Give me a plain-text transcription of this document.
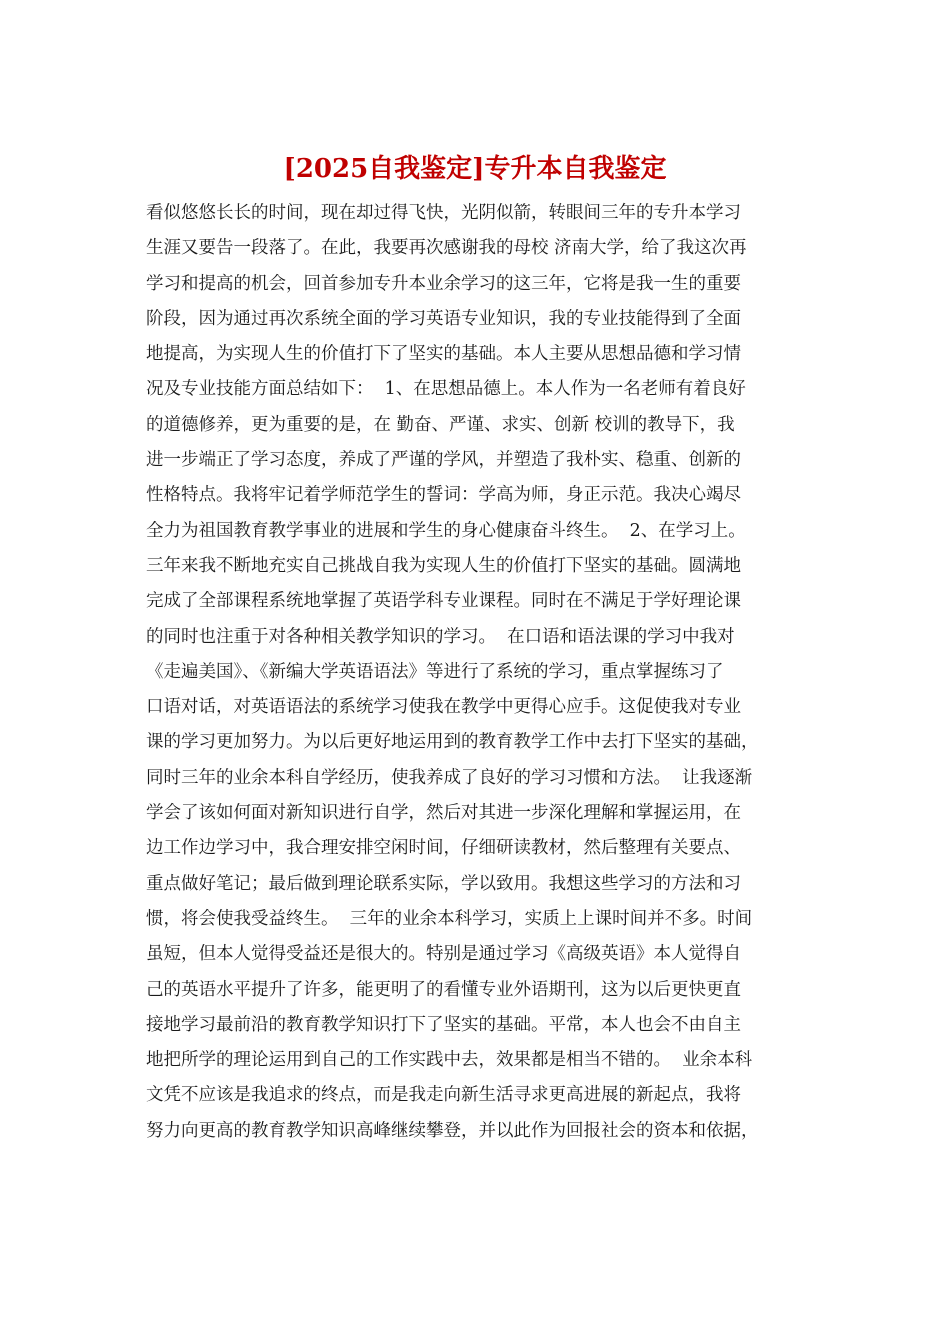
[2025自我鉴定]专升本自我鉴定
看似悠悠长长的时间，现在却过得飞快，光阴似箭，转眼间三年的专升本学习
生涯又要告一段落了。在此，我要再次感谢我的母校 济南大学，给了我这次再
学习和提高的机会，回首参加专升本业余学习的这三年，它将是我一生的重要
阶段，因为通过再次系统全面的学习英语专业知识，我的专业技能得到了全面
地提高，为实现人生的价值打下了坚实的基础。本人主要从思想品德和学习情
况及专业技能方面总结如下：  1、在思想品德上。本人作为一名老师有着良好
的道德修养，更为重要的是，在 勤奋、严谨、求实、创新 校训的教导下，我
进一步端正了学习态度，养成了严谨的学风，并塑造了我朴实、稳重、创新的
性格特点。我将牢记着学师范学生的誓词：学高为师，身正示范。我决心竭尽
全力为祖国教育教学事业的进展和学生的身心健康奋斗终生。  2、在学习上。
三年来我不断地充实自己挑战自我为实现人生的价值打下坚实的基础。圆满地
完成了全部课程系统地掌握了英语学科专业课程。同时在不满足于学好理论课
的同时也注重于对各种相关教学知识的学习。  在口语和语法课的学习中我对
《走遍美国》、《新编大学英语语法》等进行了系统的学习，重点掌握练习了
口语对话，对英语语法的系统学习使我在教学中更得心应手。这促使我对专业
课的学习更加努力。为以后更好地运用到的教育教学工作中去打下坚实的基础，
同时三年的业余本科自学经历，使我养成了良好的学习习惯和方法。  让我逐渐
学会了该如何面对新知识进行自学，然后对其进一步深化理解和掌握运用，在
边工作边学习中，我合理安排空闲时间，仔细研读教材，然后整理有关要点、
重点做好笔记；最后做到理论联系实际，学以致用。我想这些学习的方法和习
惯，将会使我受益终生。  三年的业余本科学习，实质上上课时间并不多。时间
虽短，但本人觉得受益还是很大的。特别是通过学习《高级英语》本人觉得自
己的英语水平提升了许多，能更明了的看懂专业外语期刊，这为以后更快更直
接地学习最前沿的教育教学知识打下了坚实的基础。平常，本人也会不由自主
地把所学的理论运用到自己的工作实践中去，效果都是相当不错的。  业余本科
文凭不应该是我追求的终点，而是我走向新生活寻求更高进展的新起点，我将
努力向更高的教育教学知识高峰继续攀登，并以此作为回报社会的资本和依据，
